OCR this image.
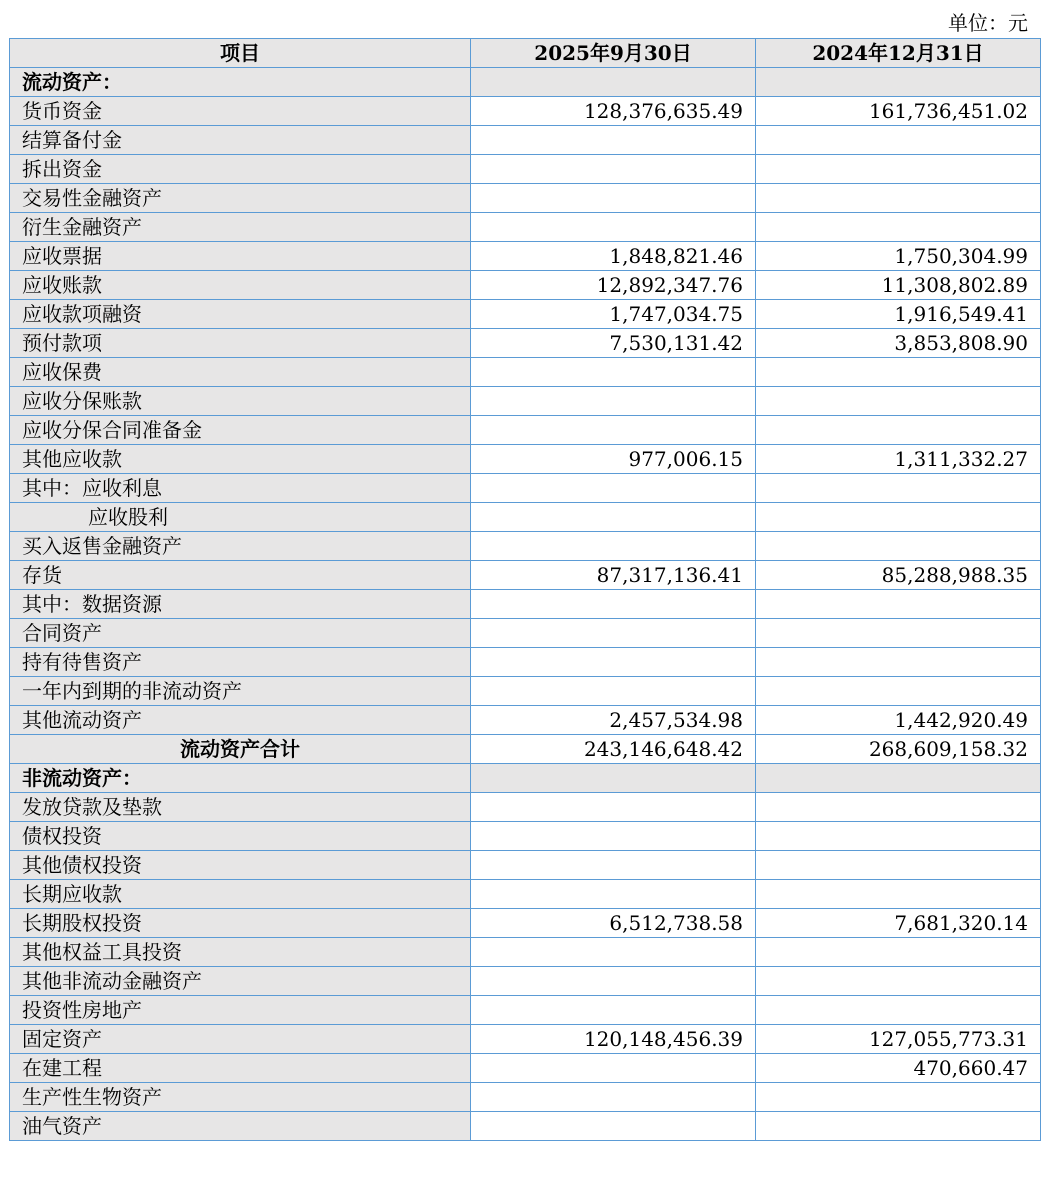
单位：元
项目	2025年9月30日	2024年12月31日
流动资产：		
货币资金	128,376,635.49	161,736,451.02
结算备付金		
拆出资金		
交易性金融资产		
衍生金融资产		
应收票据	1,848,821.46	1,750,304.99
应收账款	12,892,347.76	11,308,802.89
应收款项融资	1,747,034.75	1,916,549.41
预付款项	7,530,131.42	3,853,808.90
应收保费		
应收分保账款		
应收分保合同准备金		
其他应收款	977,006.15	1,311,332.27
其中：应收利息		
应收股利		
买入返售金融资产		
存货	87,317,136.41	85,288,988.35
其中：数据资源		
合同资产		
持有待售资产		
一年内到期的非流动资产		
其他流动资产	2,457,534.98	1,442,920.49
流动资产合计	243,146,648.42	268,609,158.32
非流动资产：		
发放贷款及垫款		
债权投资		
其他债权投资		
长期应收款		
长期股权投资	6,512,738.58	7,681,320.14
其他权益工具投资		
其他非流动金融资产		
投资性房地产		
固定资产	120,148,456.39	127,055,773.31
在建工程		470,660.47
生产性生物资产		
油气资产		
